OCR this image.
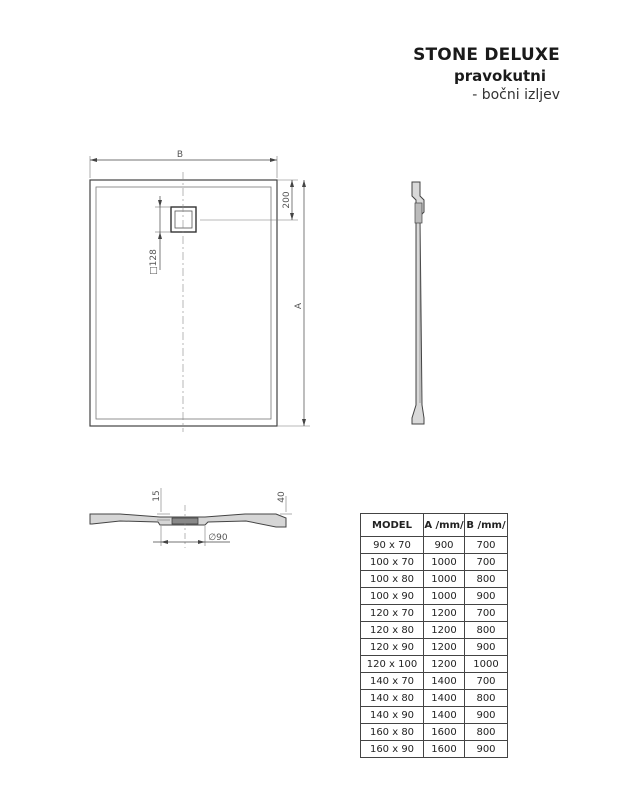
STONE DELUXE
pravokutni
- bočni izljev
B
200
A
□128
15	40
∅90
MODEL	A /mm/	B /mm/
90 x 70	900	700
100 x 70	1000	700
100 x 80	1000	800
100 x 90	1000	900
120 x 70	1200	700
120 x 80	1200	800
120 x 90	1200	900
120 x 100	1200	1000
140 x 70	1400	700
140 x 80	1400	800
140 x 90	1400	900
160 x 80	1600	800
160 x 90	1600	900
